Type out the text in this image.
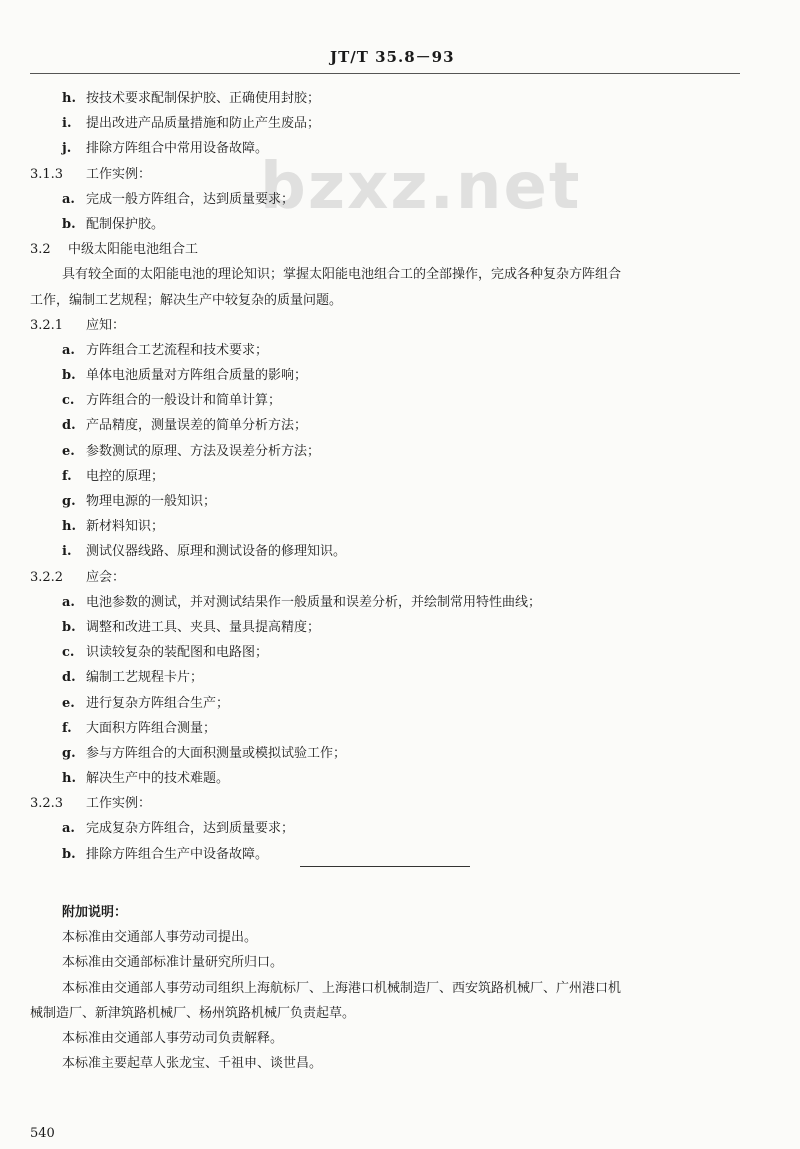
JT/T 35.8－93
bzxz.net
h. 按技术要求配制保护胶、正确使用封胶；
i. 提出改进产品质量措施和防止产生废品；
j. 排除方阵组合中常用设备故障。
3.1.3 工作实例：
a. 完成一般方阵组合，达到质量要求；
b. 配制保护胶。
3.2 中级太阳能电池组合工
具有较全面的太阳能电池的理论知识；掌握太阳能电池组合工的全部操作，完成各种复杂方阵组合
工作，编制工艺规程；解决生产中较复杂的质量问题。
3.2.1 应知：
a. 方阵组合工艺流程和技术要求；
b. 单体电池质量对方阵组合质量的影响；
c. 方阵组合的一般设计和简单计算；
d. 产品精度，测量误差的简单分析方法；
e. 参数测试的原理、方法及误差分析方法；
f. 电控的原理；
g. 物理电源的一般知识；
h. 新材料知识；
i. 测试仪器线路、原理和测试设备的修理知识。
3.2.2 应会：
a. 电池参数的测试，并对测试结果作一般质量和误差分析，并绘制常用特性曲线；
b. 调整和改进工具、夹具、量具提高精度；
c. 识读较复杂的装配图和电路图；
d. 编制工艺规程卡片；
e. 进行复杂方阵组合生产；
f. 大面积方阵组合测量；
g. 参与方阵组合的大面积测量或模拟试验工作；
h. 解决生产中的技术难题。
3.2.3 工作实例：
a. 完成复杂方阵组合，达到质量要求；
b. 排除方阵组合生产中设备故障。
附加说明：
本标准由交通部人事劳动司提出。
本标准由交通部标准计量研究所归口。
本标准由交通部人事劳动司组织上海航标厂、上海港口机械制造厂、西安筑路机械厂、广州港口机
械制造厂、新津筑路机械厂、杨州筑路机械厂负责起草。
本标准由交通部人事劳动司负责解释。
本标准主要起草人张龙宝、千祖申、谈世昌。
540
